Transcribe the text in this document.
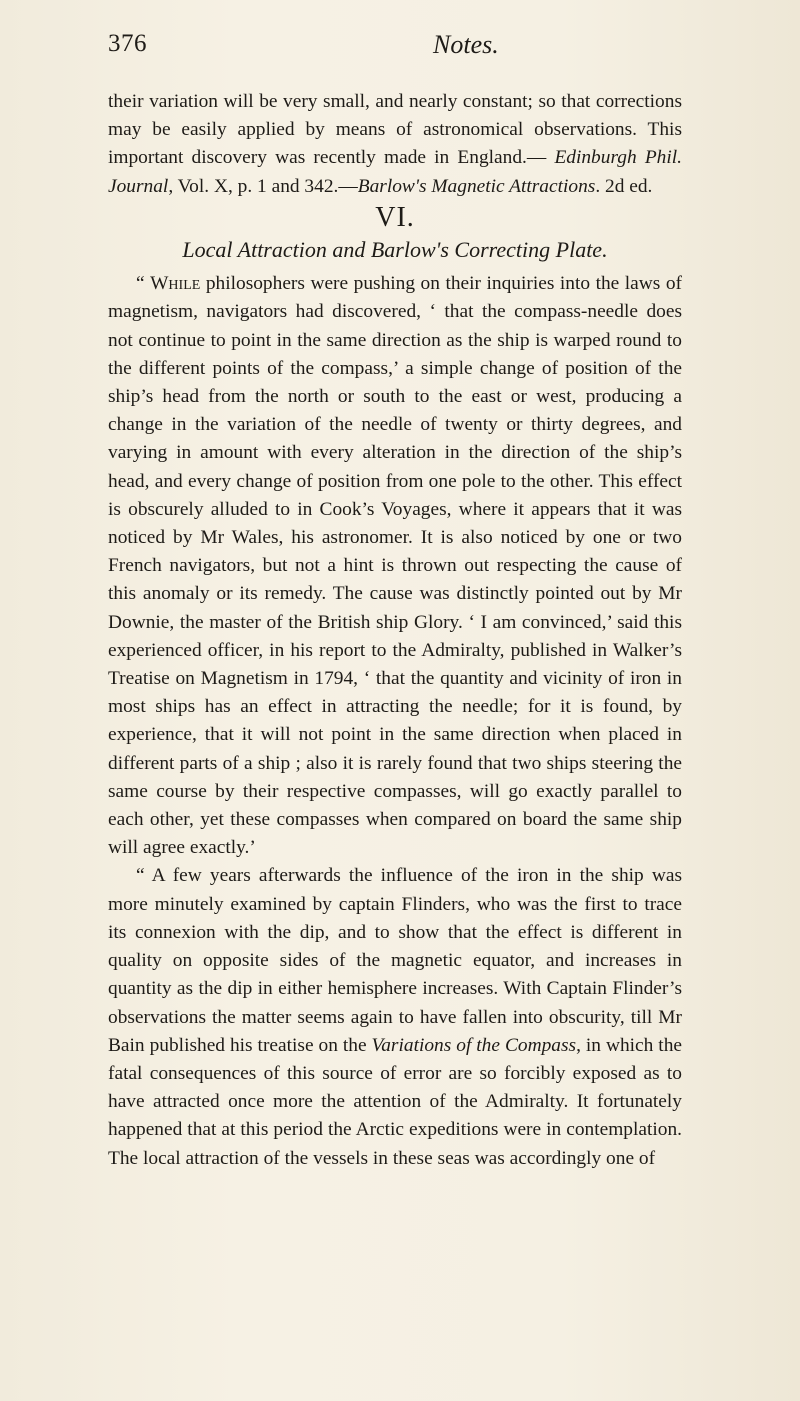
376	Notes.

their variation will be very small, and nearly constant; so that corrections may be easily applied by means of astronomical observations. This important discovery was recently made in England.— Edinburgh Phil. Journal, Vol. X, p. 1 and 342.—Barlow's Magnetic Attractions. 2d ed.

VI.
Local Attraction and Barlow's Correcting Plate.

“ While philosophers were pushing on their inquiries into the laws of magnetism, navigators had discovered, ‘ that the compass-needle does not continue to point in the same direction as the ship is warped round to the different points of the compass,’ a simple change of position of the ship’s head from the north or south to the east or west, producing a change in the variation of the needle of twenty or thirty degrees, and varying in amount with every alteration in the direction of the ship’s head, and every change of position from one pole to the other. This effect is obscurely alluded to in Cook’s Voyages, where it appears that it was noticed by Mr Wales, his astronomer. It is also noticed by one or two French navigators, but not a hint is thrown out respecting the cause of this anomaly or its remedy. The cause was distinctly pointed out by Mr Downie, the master of the British ship Glory. ‘ I am convinced,’ said this experienced officer, in his report to the Admiralty, published in Walker’s Treatise on Magnetism in 1794, ‘ that the quantity and vicinity of iron in most ships has an effect in attracting the needle; for it is found, by experience, that it will not point in the same direction when placed in different parts of a ship ; also it is rarely found that two ships steering the same course by their respective compasses, will go exactly parallel to each other, yet these compasses when compared on board the same ship will agree exactly.’

“ A few years afterwards the influence of the iron in the ship was more minutely examined by captain Flinders, who was the first to trace its connexion with the dip, and to show that the effect is different in quality on opposite sides of the magnetic equator, and increases in quantity as the dip in either hemisphere increases. With Captain Flinder’s observations the matter seems again to have fallen into obscurity, till Mr Bain published his treatise on the Variations of the Compass, in which the fatal consequences of this source of error are so forcibly exposed as to have attracted once more the attention of the Admiralty. It fortunately happened that at this period the Arctic expeditions were in contemplation. The local attraction of the vessels in these seas was accordingly one of
